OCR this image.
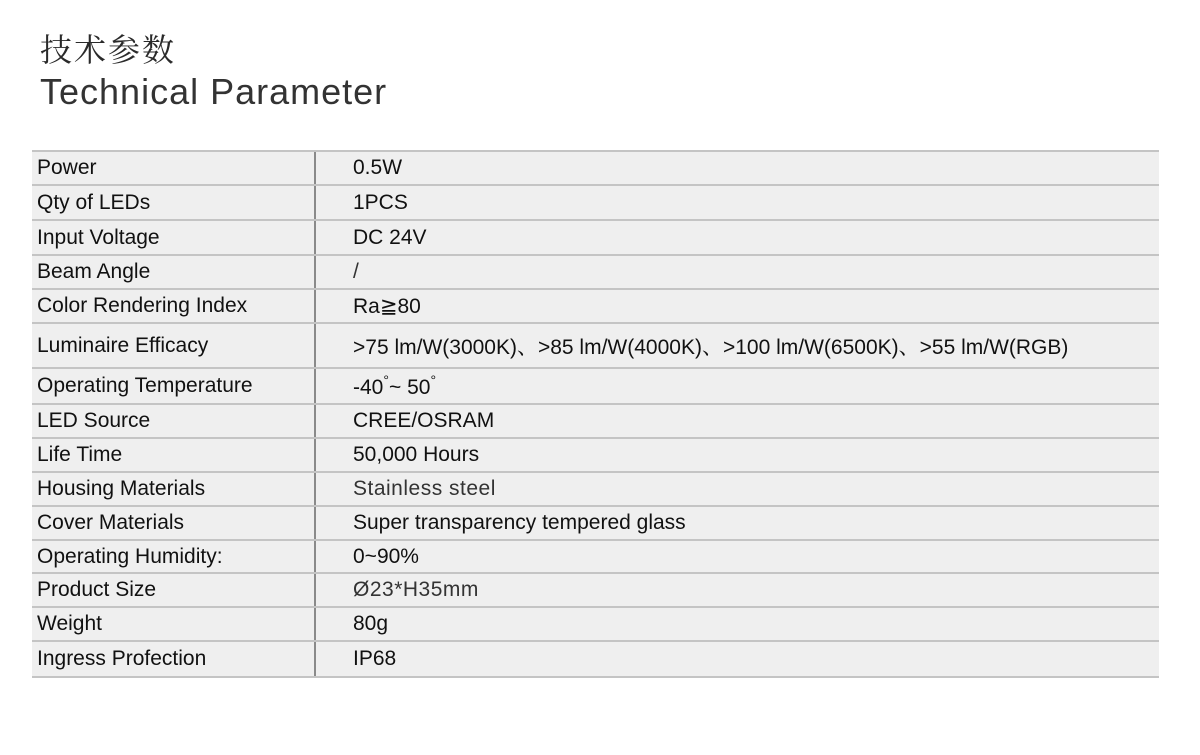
技术参数
Technical Parameter
Power	0.5W
Qty of LEDs	1PCS
Input Voltage	DC 24V
Beam Angle	/
Color Rendering Index	Ra≧80
Luminaire Efficacy	>75 lm/W(3000K)、>85 lm/W(4000K)、>100 lm/W(6500K)、>55 lm/W(RGB)
Operating Temperature	-40°~ 50°
LED Source	CREE/OSRAM
Life Time	50,000 Hours
Housing Materials	Stainless steel
Cover Materials	Super transparency tempered glass
Operating Humidity:	0~90%
Product Size	Ø23*H35mm
Weight	80g
Ingress Profection	IP68
